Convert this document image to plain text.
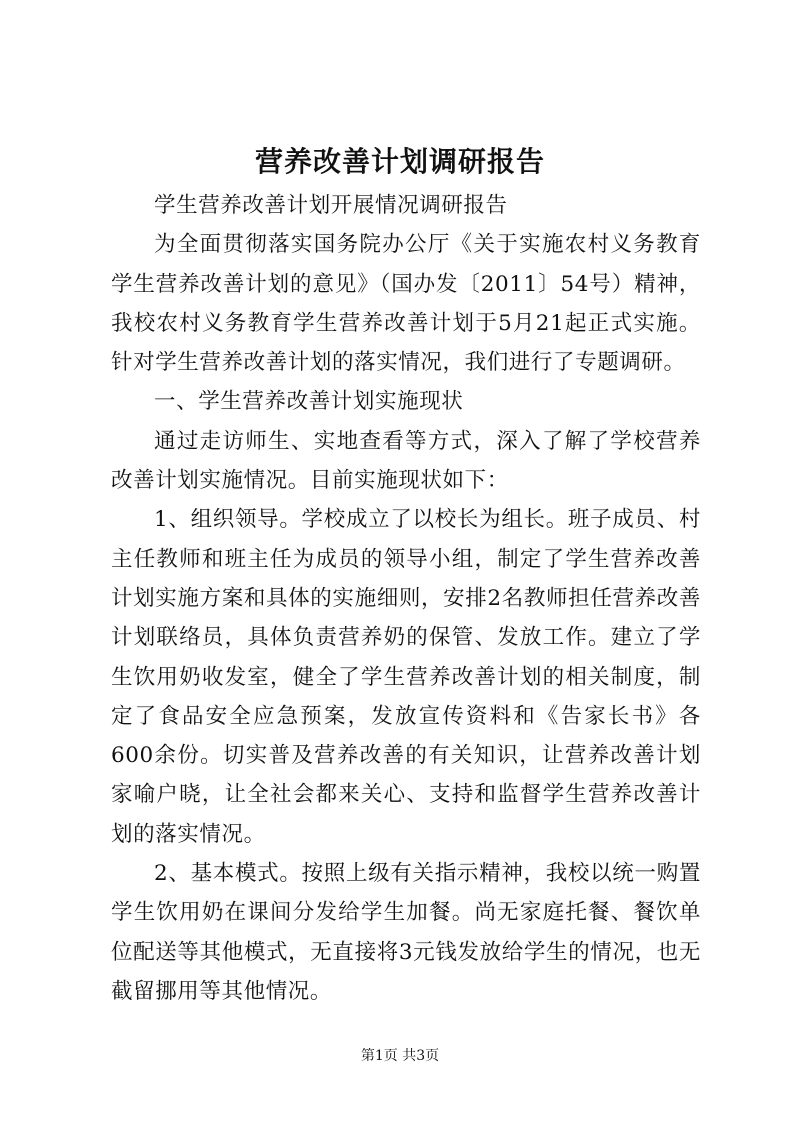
营养改善计划调研报告

学生营养改善计划开展情况调研报告

为全面贯彻落实国务院办公厅《关于实施农村义务教育学生营养改善计划的意见》（国办发〔2011〕54号）精神，我校农村义务教育学生营养改善计划于5月21起正式实施。针对学生营养改善计划的落实情况，我们进行了专题调研。

一、学生营养改善计划实施现状

通过走访师生、实地查看等方式，深入了解了学校营养改善计划实施情况。目前实施现状如下：

1、组织领导。学校成立了以校长为组长。班子成员、村主任教师和班主任为成员的领导小组，制定了学生营养改善计划实施方案和具体的实施细则，安排2名教师担任营养改善计划联络员，具体负责营养奶的保管、发放工作。建立了学生饮用奶收发室，健全了学生营养改善计划的相关制度，制定了食品安全应急预案，发放宣传资料和《告家长书》各600余份。切实普及营养改善的有关知识，让营养改善计划家喻户晓，让全社会都来关心、支持和监督学生营养改善计划的落实情况。

2、基本模式。按照上级有关指示精神，我校以统一购置学生饮用奶在课间分发给学生加餐。尚无家庭托餐、餐饮单位配送等其他模式，无直接将3元钱发放给学生的情况，也无截留挪用等其他情况。

第1页 共3页
